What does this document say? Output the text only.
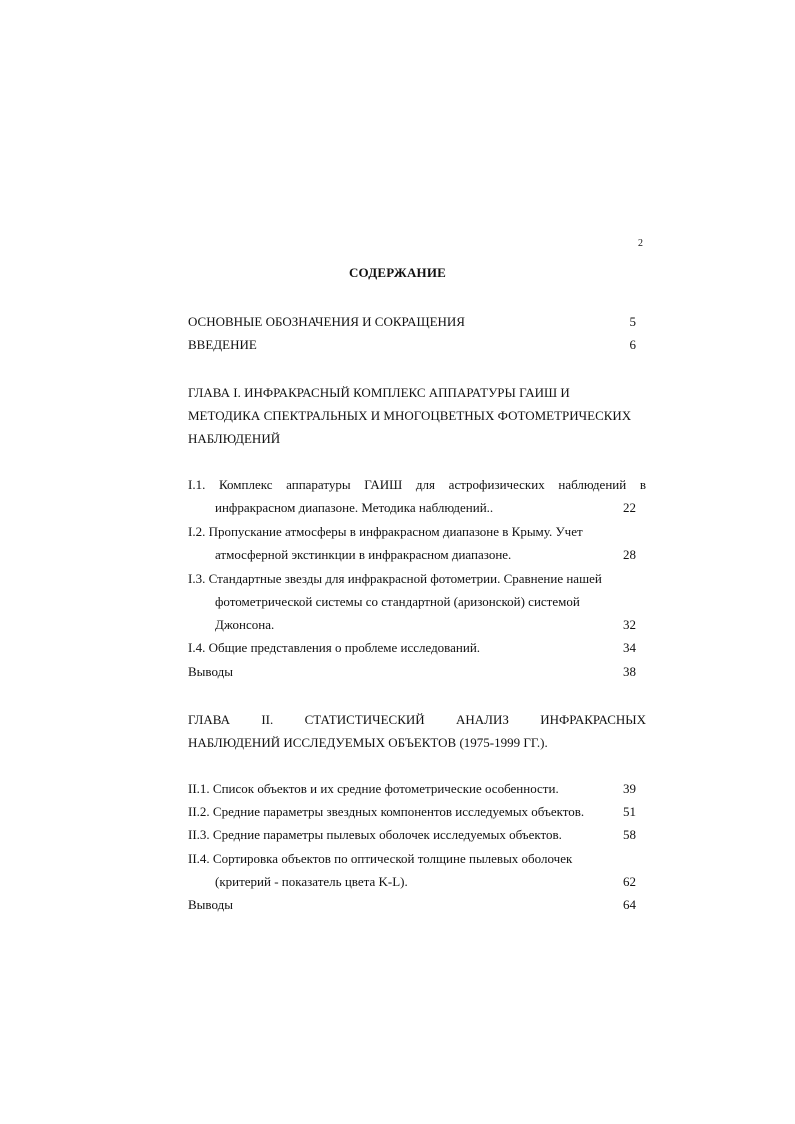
2
СОДЕРЖАНИЕ
ОСНОВНЫЕ ОБОЗНАЧЕНИЯ И СОКРАЩЕНИЯ	5
ВВЕДЕНИЕ	6
ГЛАВА I. ИНФРАКРАСНЫЙ КОМПЛЕКС АППАРАТУРЫ ГАИШ И
МЕТОДИКА СПЕКТРАЛЬНЫХ И МНОГОЦВЕТНЫХ ФОТОМЕТРИЧЕСКИХ
НАБЛЮДЕНИЙ
I.1. Комплекс аппаратуры ГАИШ для астрофизических наблюдений в
инфракрасном диапазоне. Методика наблюдений..	22
I.2. Пропускание атмосферы в инфракрасном диапазоне в Крыму. Учет
атмосферной экстинкции в инфракрасном диапазоне.	28
I.3. Стандартные звезды для инфракрасной фотометрии. Сравнение нашей
фотометрической системы со стандартной (аризонской) системой
Джонсона.	32
I.4. Общие представления о проблеме исследований.	34
Выводы	38
ГЛАВА II. СТАТИСТИЧЕСКИЙ АНАЛИЗ ИНФРАКРАСНЫХ
НАБЛЮДЕНИЙ ИССЛЕДУЕМЫХ ОБЪЕКТОВ (1975-1999 ГГ.).
II.1. Список объектов и их средние фотометрические особенности.	39
II.2. Средние параметры звездных компонентов исследуемых объектов.	51
II.3. Средние параметры пылевых оболочек исследуемых объектов.	58
II.4. Сортировка объектов по оптической толщине пылевых оболочек
(критерий - показатель цвета K-L).	62
Выводы	64
